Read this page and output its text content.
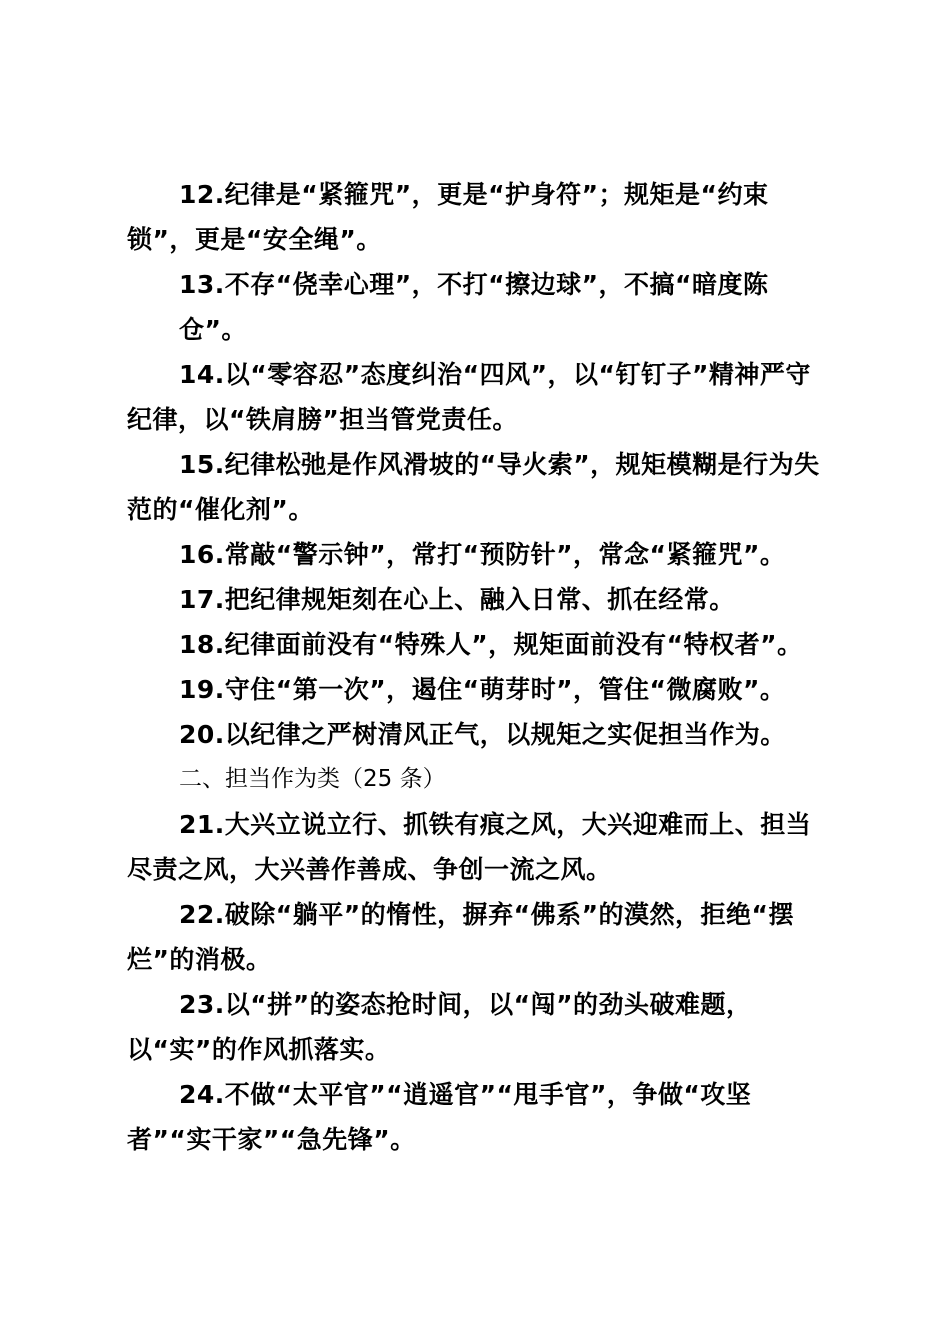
12.纪律是“紧箍咒”，更是“护身符”；规矩是“约束
锁”，更是“安全绳”。

13.不存“侥幸心理”，不打“擦边球”，不搞“暗度陈仓”。

14.以“零容忍”态度纠治“四风”，以“钉钉子”精神严守
纪律，以“铁肩膀”担当管党责任。

15.纪律松弛是作风滑坡的“导火索”，规矩模糊是行为失
范的“催化剂”。

16.常敲“警示钟”，常打“预防针”，常念“紧箍咒”。

17.把纪律规矩刻在心上、融入日常、抓在经常。

18.纪律面前没有“特殊人”，规矩面前没有“特权者”。

19.守住“第一次”，遏住“萌芽时”，管住“微腐败”。

20.以纪律之严树清风正气，以规矩之实促担当作为。

二、担当作为类（25 条）

21.大兴立说立行、抓铁有痕之风，大兴迎难而上、担当
尽责之风，大兴善作善成、争创一流之风。

22.破除“躺平”的惰性，摒弃“佛系”的漠然，拒绝“摆
烂”的消极。

23.以“拼”的姿态抢时间，以“闯”的劲头破难题，
以“实”的作风抓落实。

24.不做“太平官”“逍遥官”“甩手官”，争做“攻坚
者”“实干家”“急先锋”。
